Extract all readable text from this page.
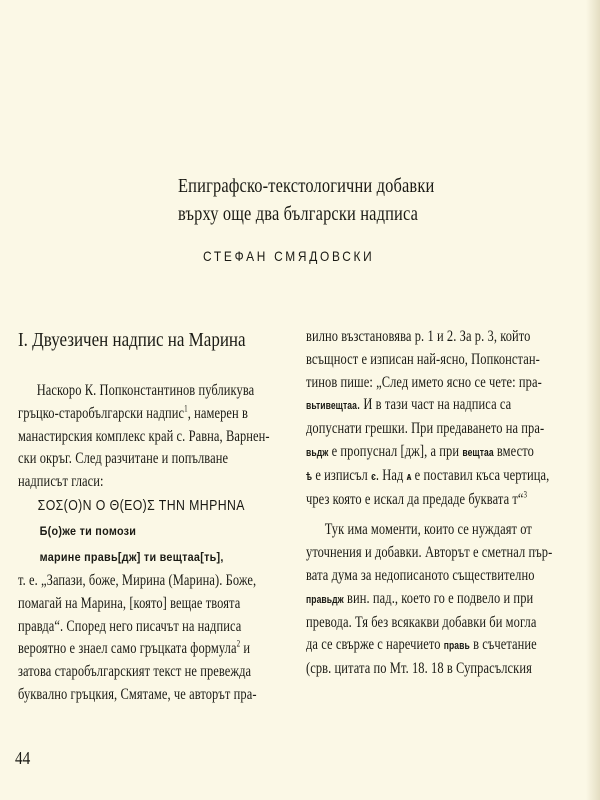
Епиграфско-текстологични добавки
върху още два български надписа
СТЕФАН СМЯДОВСКИ
I. Двуезичен надпис на Марина
Наскоро К. Попконстантинов публикува
гръцко-старобългарски надпис$^1$, намерен в
манастирския комплекс край с. Равна, Варнен-
ски окръг. След разчитане и попълване
надписът гласи:
ΣΟΣ(Ο)Ν Ο Θ(ΕΟ)Σ ΤΗΝ ΜΗΡΗΝΑ
Б(о)же ти помози
марине правь[дж] ти вещтаа[ть],
т. е. „Запази, боже, Мирина (Марина). Боже,
помагай на Марина, [която] вещае твоята
правда“. Според него писачът на надписа
вероятно е знаел само гръцката формула$^2$ и
затова старобългарският текст не превежда
буквално гръцкия, Смятаме, че авторът пра-
вилно възстановява р. 1 и 2. За р. 3, който
всъщност е изписан най-ясно, Попконстан-
тинов пише: „След името ясно се чете: пра-
вьтивещтаа. И в тази част на надписа са
допуснати грешки. При предаването на пра-
вьдж е пропуснал [дж], а при вещтаа вместо
ѣ е изписъл є. Над ѧ е поставил къса чертица,
чрез която е искал да предаде буквата т“$^3$
Тук има моменти, които се нуждаят от
уточнения и добавки. Авторът е сметнал пър-
вата дума за недописаното съществително
правьдж вин. пад., което го е подвело и при
превода. Тя без всякакви добавки би могла
да се свърже с наречието правь в съчетание
(срв. цитата по Мт. 18. 18 в Супрасълския
44
